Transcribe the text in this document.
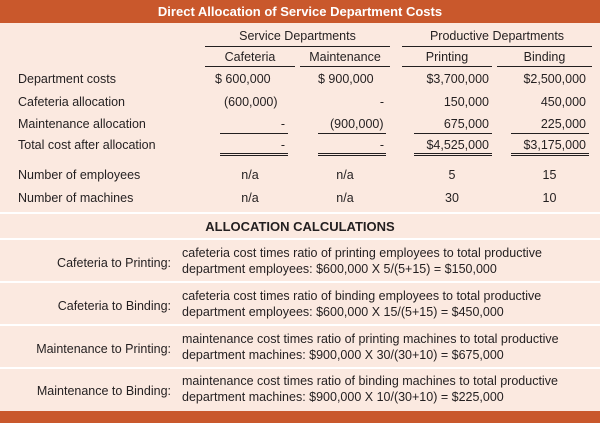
Direct Allocation of Service Department Costs
Service Departments	Productive Departments
Cafeteria	Maintenance	Printing	Binding
Department costs	$ 600,000	$ 900,000	$3,700,000	$2,500,000
Cafeteria allocation	(600,000)	-	150,000	450,000
Maintenance allocation	-	(900,000)	675,000	225,000
Total cost after allocation	-	-	$4,525,000	$3,175,000
Number of employees	n/a	n/a	5	15
Number of machines	n/a	n/a	30	10
ALLOCATION CALCULATIONS
Cafeteria to Printing:
cafeteria cost times ratio of printing employees to total productive
department employees: $600,000 X 5/(5+15) = $150,000
Cafeteria to Binding:
cafeteria cost times ratio of binding employees to total productive
department employees: $600,000 X 15/(5+15) = $450,000
Maintenance to Printing:
maintenance cost times ratio of printing machines to total productive
department machines: $900,000 X 30/(30+10) = $675,000
Maintenance to Binding:
maintenance cost times ratio of binding machines to total productive
department machines: $900,000 X 10/(30+10) = $225,000
